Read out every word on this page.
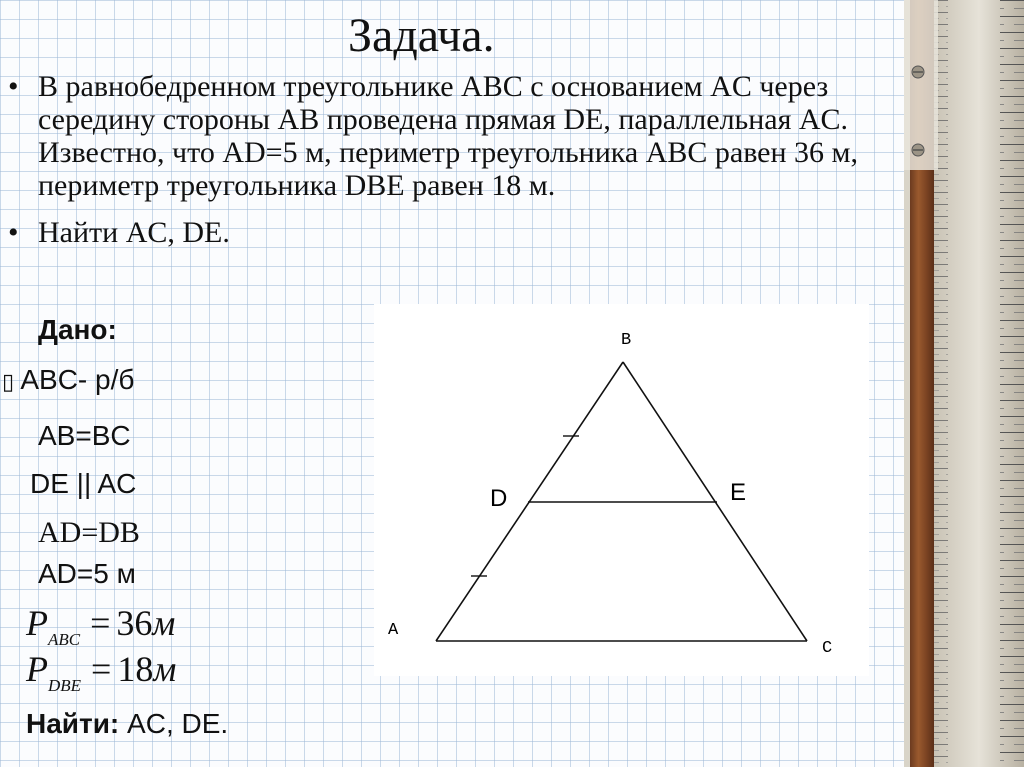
Задача.
• В равнобедренном треугольнике ABC с основанием AC через середину стороны AB проведена прямая DE, параллельная AC. Известно, что AD=5 м, периметр треугольника ABC равен 36 м, периметр треугольника DBE равен 18 м.
• Найти AC, DE.
Дано:
▯ ABC- р/б
AB=BC
DE || AC
AD=DB
AD=5 м
$P_{ABC} = 36м$
$P_{DBE} = 18м$
Найти: AC, DE.
B
A
C
D	E
